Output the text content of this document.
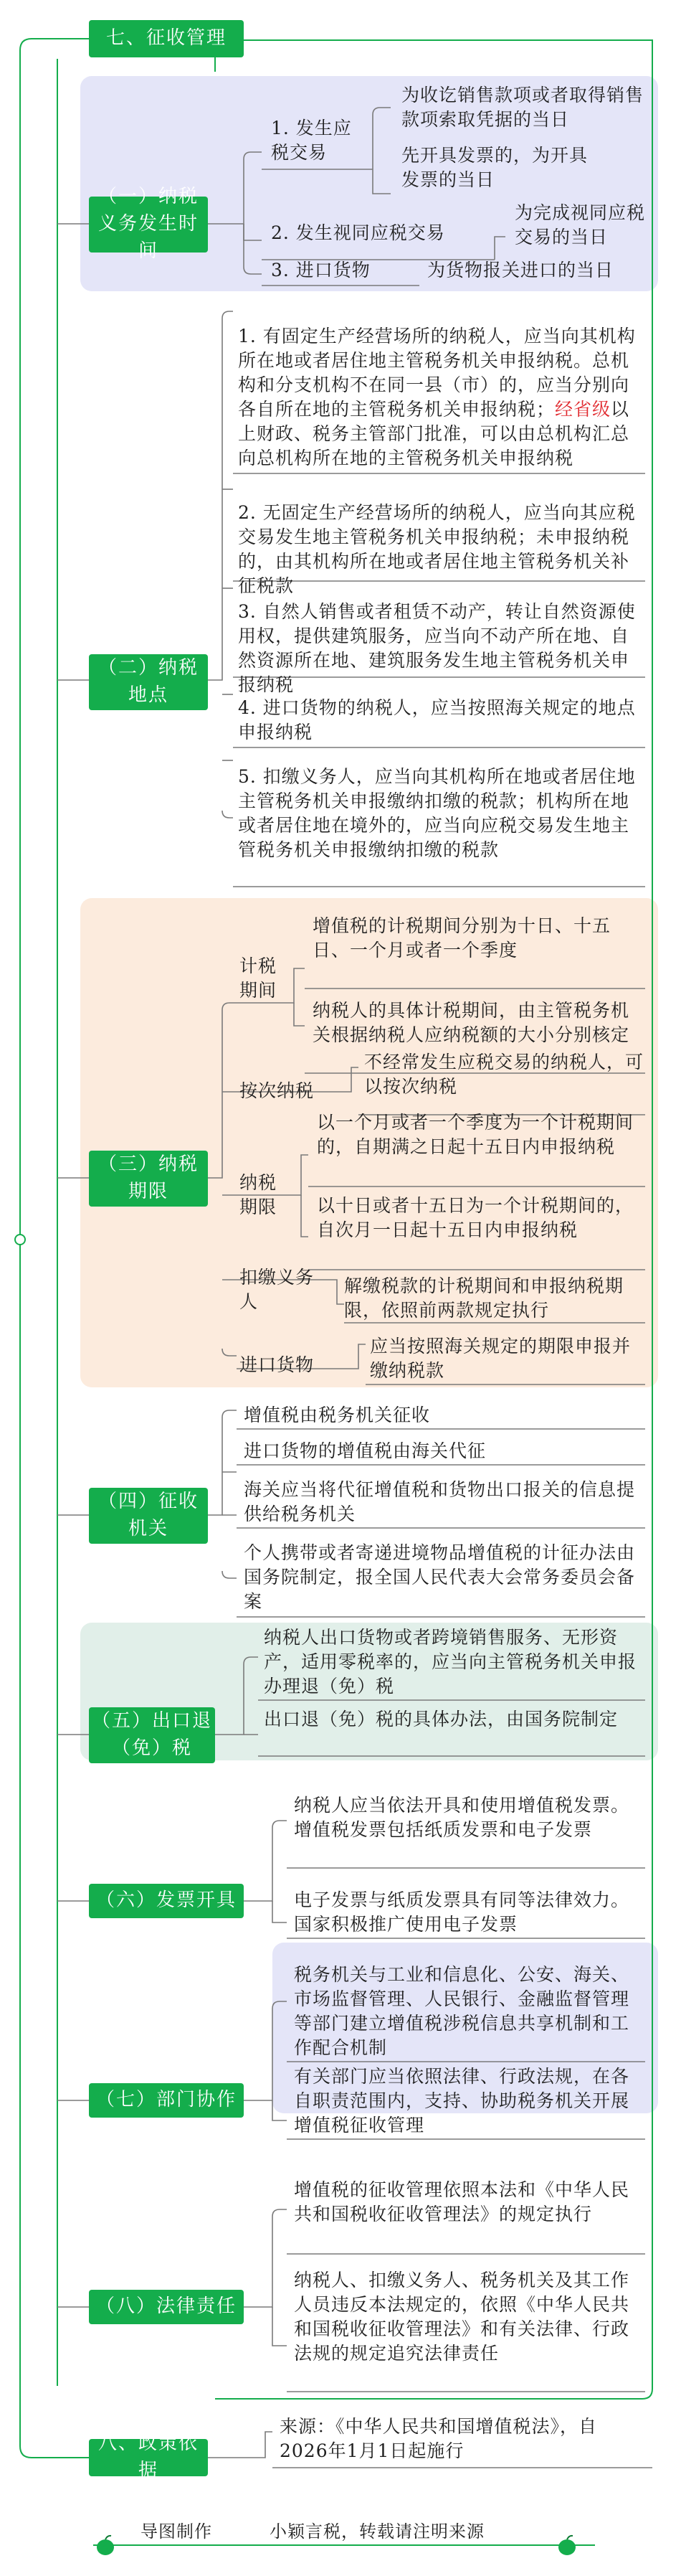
七、征收管理
（一）纳税义务发生时间
1. 发生应税交易
为收讫销售款项或者取得销售款项索取凭据的当日
先开具发票的，为开具发票的当日
2. 发生视同应税交易
为完成视同应税交易的当日
3. 进口货物	为货物报关进口的当日
（二）纳税地点
1. 有固定生产经营场所的纳税人，应当向其机构所在地或者居住地主管税务机关申报纳税。总机构和分支机构不在同一县（市）的，应当分别向各自所在地的主管税务机关申报纳税；经省级以上财政、税务主管部门批准，可以由总机构汇总向总机构所在地的主管税务机关申报纳税
2. 无固定生产经营场所的纳税人，应当向其应税交易发生地主管税务机关申报纳税；未申报纳税的，由其机构所在地或者居住地主管税务机关补征税款
3. 自然人销售或者租赁不动产，转让自然资源使用权，提供建筑服务，应当向不动产所在地、自然资源所在地、建筑服务发生地主管税务机关申报纳税
4. 进口货物的纳税人，应当按照海关规定的地点申报纳税
5. 扣缴义务人，应当向其机构所在地或者居住地主管税务机关申报缴纳扣缴的税款；机构所在地或者居住地在境外的，应当向应税交易发生地主管税务机关申报缴纳扣缴的税款
（三）纳税期限
计税期间
增值税的计税期间分别为十日、十五日、一个月或者一个季度
纳税人的具体计税期间，由主管税务机关根据纳税人应纳税额的大小分别核定
按次纳税
不经常发生应税交易的纳税人，可以按次纳税
纳税期限
以一个月或者一个季度为一个计税期间的，自期满之日起十五日内申报纳税
以十日或者十五日为一个计税期间的，自次月一日起十五日内申报纳税
扣缴义务人
解缴税款的计税期间和申报纳税期限，依照前两款规定执行
进口货物
应当按照海关规定的期限申报并缴纳税款
（四）征收机关
增值税由税务机关征收
进口货物的增值税由海关代征
海关应当将代征增值税和货物出口报关的信息提供给税务机关
个人携带或者寄递进境物品增值税的计征办法由国务院制定，报全国人民代表大会常务委员会备案
（五）出口退（免）税
纳税人出口货物或者跨境销售服务、无形资产，适用零税率的，应当向主管税务机关申报办理退（免）税
出口退（免）税的具体办法，由国务院制定
（六）发票开具
纳税人应当依法开具和使用增值税发票。增值税发票包括纸质发票和电子发票
电子发票与纸质发票具有同等法律效力。国家积极推广使用电子发票
（七）部门协作
税务机关与工业和信息化、公安、海关、市场监督管理、人民银行、金融监督管理等部门建立增值税涉税信息共享机制和工作配合机制
有关部门应当依照法律、行政法规，在各自职责范围内，支持、协助税务机关开展增值税征收管理
（八）法律责任
增值税的征收管理依照本法和《中华人民共和国税收征收管理法》的规定执行
纳税人、扣缴义务人、税务机关及其工作人员违反本法规定的，依照《中华人民共和国税收征收管理法》和有关法律、行政法规的规定追究法律责任
八、政策依据
来源：《中华人民共和国增值税法》，自2026年1月1日起施行
导图制作	小颖言税，转载请注明来源
